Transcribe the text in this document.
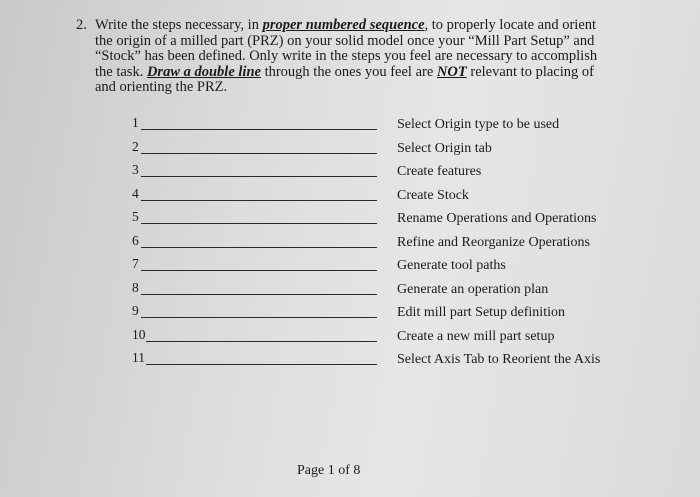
2. Write the steps necessary, in proper numbered sequence, to properly locate and orient the origin of a milled part (PRZ) on your solid model once your “Mill Part Setup” and “Stock” has been defined. Only write in the steps you feel are necessary to accomplish the task. Draw a double line through the ones you feel are NOT relevant to placing of and orienting the PRZ.
1
2
3
4
5
6
7
8
9
10
11
Select Origin type to be used
Select Origin tab
Create features
Create Stock
Rename Operations and Operations
Refine and Reorganize Operations
Generate tool paths
Generate an operation plan
Edit mill part Setup definition
Create a new mill part setup
Select Axis Tab to Reorient the Axis
Page 1 of 8
